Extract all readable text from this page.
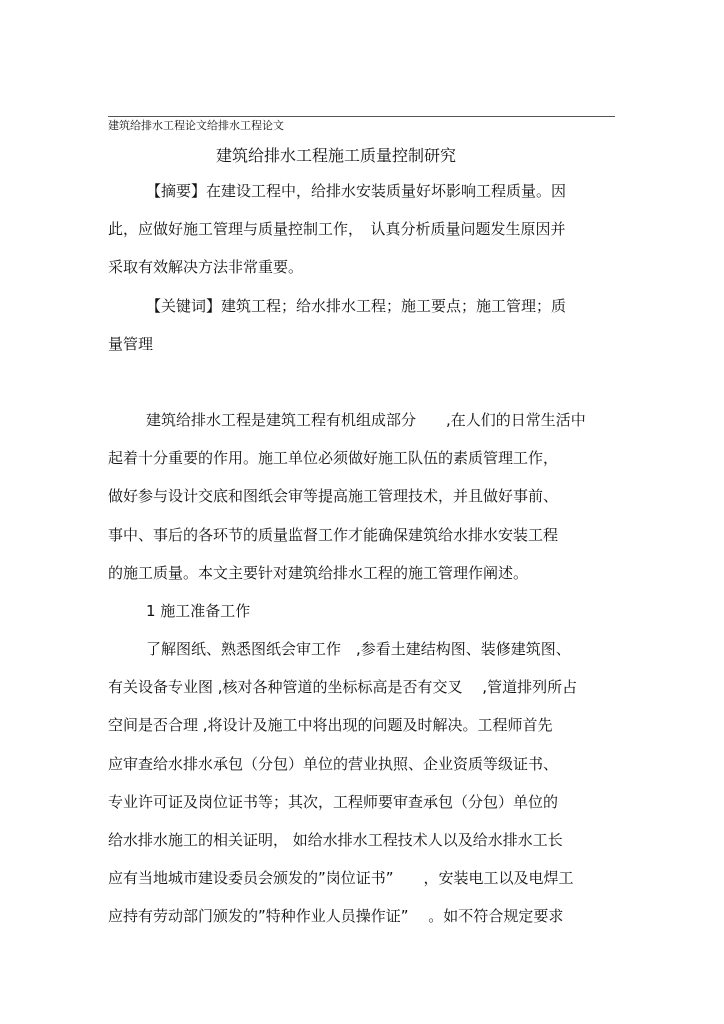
建筑给排水工程论文给排水工程论文
建筑给排水工程施工质量控制研究
【摘要】在建设工程中，给排水安装质量好坏影响工程质量。因
此，应做好施工管理与质量控制工作，　认真分析质量问题发生原因并
采取有效解决方法非常重要。
【关键词】建筑工程；给水排水工程；施工要点；施工管理；质
量管理
建筑给排水工程是建筑工程有机组成部分　　,在人们的日常生活中
起着十分重要的作用。施工单位必须做好施工队伍的素质管理工作，
做好参与设计交底和图纸会审等提高施工管理技术，并且做好事前、
事中、事后的各环节的质量监督工作才能确保建筑给水排水安装工程
的施工质量。本文主要针对建筑给排水工程的施工管理作阐述。
1 施工准备工作
了解图纸、熟悉图纸会审工作　,参看土建结构图、装修建筑图、
有关设备专业图 ,核对各种管道的坐标标高是否有交叉　 ,管道排列所占
空间是否合理 ,将设计及施工中将出现的问题及时解决。工程师首先
应审查给水排水承包（分包）单位的营业执照、企业资质等级证书、
专业许可证及岗位证书等；其次，工程师要审查承包（分包）单位的
给水排水施工的相关证明， 如给水排水工程技术人以及给水排水工长
应有当地城市建设委员会颁发的”岗位证书”　　，安装电工以及电焊工
应持有劳动部门颁发的”特种作业人员操作证”　 。如不符合规定要求
